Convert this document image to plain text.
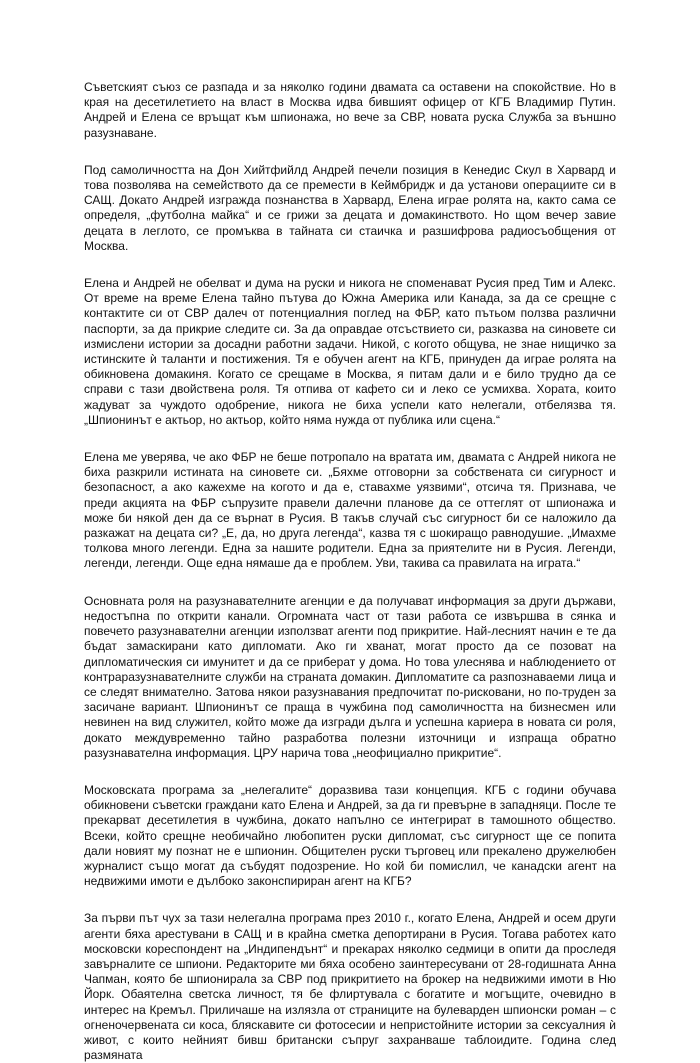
Съветският съюз се разпада и за няколко години двамата са оставени на спокойствие. Но в края на десетилетието на власт в Москва идва бившият офицер от КГБ Владимир Путин. Андрей и Елена се връщат към шпионажа, но вече за СВР, новата руска Служба за външно разузнаване.

Под самоличността на Дон Хийтфийлд Андрей печели позиция в Кенедис Скул в Харвард и това позволява на семейството да се премести в Кеймбридж и да установи операциите си в САЩ. Докато Андрей изгражда познанства в Харвард, Елена играе ролята на, както сама се определя, „футболна майка“ и се грижи за децата и домакинството. Но щом вечер завие децата в леглото, се промъква в тайната си стаичка и разшифрова радиосъобщения от Москва.

Елена и Андрей не обелват и дума на руски и никога не споменават Русия пред Тим и Алекс. От време на време Елена тайно пътува до Южна Америка или Канада, за да се срещне с контактите си от СВР далеч от потенциалния поглед на ФБР, като пътьом ползва различни паспорти, за да прикрие следите си. За да оправдае отсъствието си, разказва на синовете си измислени истории за досадни работни задачи. Никой, с когото общува, не знае нищичко за истинските ѝ таланти и постижения. Тя е обучен агент на КГБ, принуден да играе ролята на обикновена домакиня. Когато се срещаме в Москва, я питам дали и е било трудно да се справи с тази двойствена роля. Тя отпива от кафето си и леко се усмихва. Хората, които жадуват за чуждото одобрение, никога не биха успели като нелегали, отбелязва тя. „Шпионинът е актьор, но актьор, който няма нужда от публика или сцена.“

Елена ме уверява, че ако ФБР не беше потропало на вратата им, двамата с Андрей никога не биха разкрили истината на синовете си. „Бяхме отговорни за собствената си сигурност и безопасност, а ако кажехме на когото и да е, ставахме уязвими“, отсича тя. Признава, че преди акцията на ФБР съпрузите правели далечни планове да се оттеглят от шпионажа и може би някой ден да се върнат в Русия. В такъв случай със сигурност би се наложило да разкажат на децата си? „Е, да, но друга легенда“, казва тя с шокиращо равнодушие. „Имахме толкова много легенди. Една за нашите родители. Една за приятелите ни в Русия. Легенди, легенди, легенди. Още една нямаше да е проблем. Уви, такива са правилата на играта.“

Основната роля на разузнавателните агенции е да получават информация за други държави, недостъпна по открити канали. Огромната част от тази работа се извършва в сянка и повечето разузнавателни агенции използват агенти под прикритие. Най-лесният начин е те да бъдат замаскирани като дипломати. Ако ги хванат, могат просто да се позоват на дипломатическия си имунитет и да се приберат у дома. Но това улеснява и наблюдението от контраразузнавателните служби на страната домакин. Дипломатите са разпознаваеми лица и се следят внимателно. Затова някои разузнавания предпочитат по-рисковани, но по-труден за засичане вариант. Шпионинът се праща в чужбина под самоличността на бизнесмен или невинен на вид служител, който може да изгради дълга и успешна кариера в новата си роля, докато междувременно тайно разработва полезни източници и изпраща обратно разузнавателна информация. ЦРУ нарича това „неофициално прикритие“.

Московската програма за „нелегалите“ доразвива тази концепция. КГБ с години обучава обикновени съветски граждани като Елена и Андрей, за да ги превърне в западняци. После те прекарват десетилетия в чужбина, докато напълно се интегрират в тамошното общество. Всеки, който срещне необичайно любопитен руски дипломат, със сигурност ще се попита дали новият му познат не е шпионин. Общителен руски търговец или прекалено дружелюбен журналист също могат да събудят подозрение. Но кой би помислил, че канадски агент на недвижими имоти е дълбоко законспириран агент на КГБ?

За първи път чух за тази нелегална програма през 2010 г., когато Елена, Андрей и осем други агенти бяха арестувани в САЩ и в крайна сметка депортирани в Русия. Тогава работех като московски кореспондент на „Индипендънт“ и прекарах няколко седмици в опити да проследя завърналите се шпиони. Редакторите ми бяха особено заинтересувани от 28-годишната Анна Чапман, която бе шпионирала за СВР под прикритието на брокер на недвижими имоти в Ню Йорк. Обаятелна светска личност, тя бе флиртувала с богатите и могъщите, очевидно в интерес на Кремъл. Приличаше на излязла от страниците на булеварден шпионски роман – с огненочервената си коса, бляскавите си фотосесии и непристойните истории за сексуалния ѝ живот, с които нейният бивш британски съпруг захранваше таблоидите. Година след размяната
